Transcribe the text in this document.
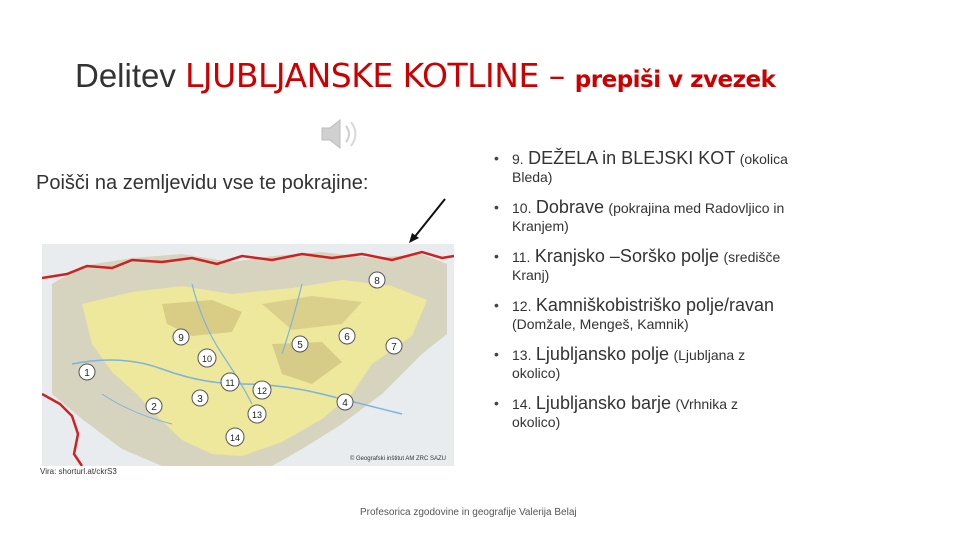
Delitev LJUBLJANSKE KOTLINE – prepiši v zvezek
Poišči na zemljevidu vse te pokrajine:
1
2
3	4
5
6
7
8
9
10
11
12
13
14
© Geografski inštitut AM ZRC SAZU
Vira: shorturl.at/ckrS3
• 9. DEŽELA in BLEJSKI KOT (okolica
Bleda)
• 10. Dobrave (pokrajina med Radovljico in
Kranjem)
• 11. Kranjsko –Sorško polje (središče
Kranj)
• 12. Kamniškobistriško polje/ravan
(Domžale, Mengeš, Kamnik)
• 13. Ljubljansko polje (Ljubljana z
okolico)
• 14. Ljubljansko barje (Vrhnika z
okolico)
Profesorica zgodovine in geografije Valerija Belaj
